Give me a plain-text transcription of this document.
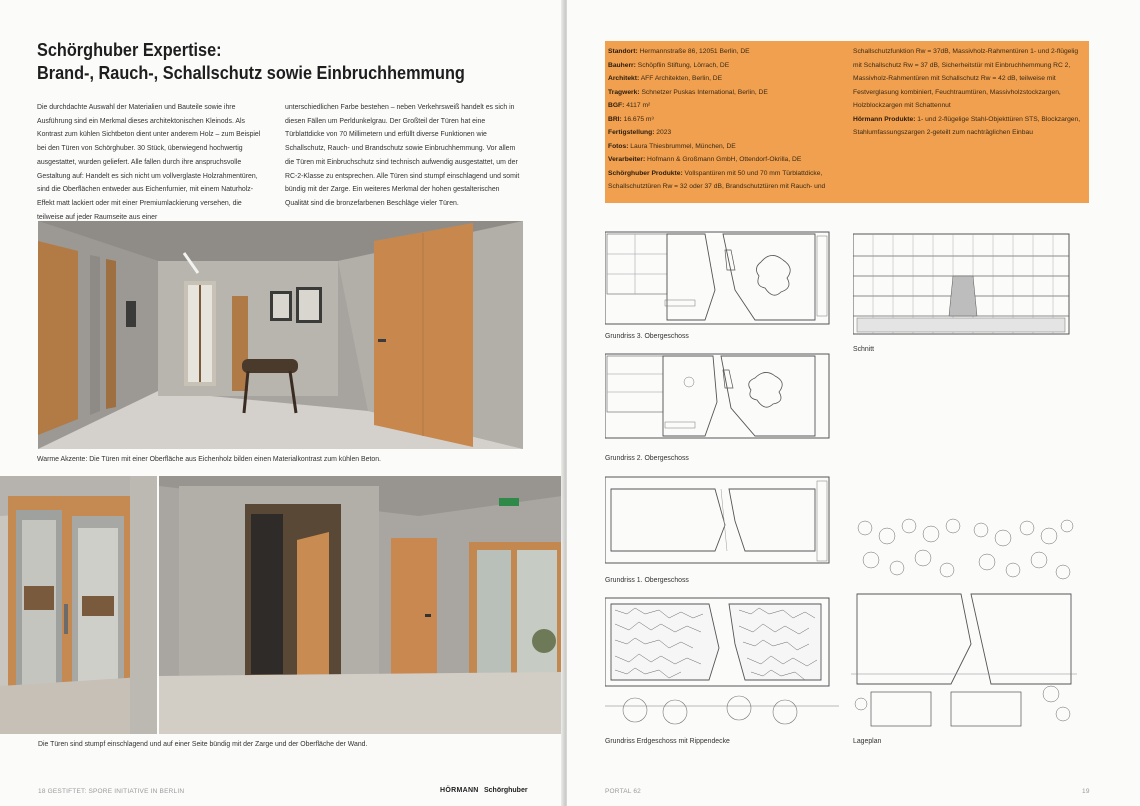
Schörghuber Expertise:
Brand-, Rauch-, Schallschutz sowie Einbruchhemmung

Die durchdachte Auswahl der Materialien und Bauteile sowie ihre Ausführung sind ein Merkmal dieses architektonischen Kleinods. Als Kontrast zum kühlen Sichtbeton dient unter anderem Holz – zum Beispiel bei den Türen von Schörghuber. 30 Stück, überwiegend hochwertig ausgestattet, wurden geliefert. Alle fallen durch ihre anspruchsvolle Gestaltung auf: Handelt es sich nicht um vollverglaste Holzrahmentüren, sind die Oberflächen entweder aus Eichenfurnier, mit einem Naturholz-Effekt matt lackiert oder mit einer Premiumlackierung versehen, die teilweise auf jeder Raumseite aus einer

unterschiedlichen Farbe bestehen – neben Verkehrsweiß handelt es sich in diesen Fällen um Perldunkelgrau. Der Großteil der Türen hat eine Türblattdicke von 70 Millimetern und erfüllt diverse Funktionen wie Schallschutz, Rauch- und Brandschutz sowie Einbruchhemmung. Vor allem die Türen mit Einbruchschutz sind technisch aufwendig ausgestattet, um der RC-2-Klasse zu entsprechen. Alle Türen sind stumpf einschlagend und somit bündig mit der Zarge. Ein weiteres Merkmal der hohen gestalterischen Qualität sind die bronzefarbenen Beschläge vieler Türen.

Warme Akzente: Die Türen mit einer Oberfläche aus Eichenholz bilden einen Materialkontrast zum kühlen Beton.
Die Türen sind stumpf einschlagend und auf einer Seite bündig mit der Zarge und der Oberfläche der Wand.
18 GESTIFTET: SPORE INITIATIVE IN BERLIN	HÖRMANN Schörghuber
Standort: Hermannstraße 86, 12051 Berlin, DE
Bauherr: Schöpflin Stiftung, Lörrach, DE
Architekt: AFF Architekten, Berlin, DE
Tragwerk: Schnetzer Puskas International, Berlin, DE
BGF: 4117 m²
BRI: 16.675 m³
Fertigstellung: 2023
Fotos: Laura Thiesbrummel, München, DE
Verarbeiter: Hofmann & Großmann GmbH, Ottendorf-Okrilla, DE
Schörghuber Produkte: Vollspantüren mit 50 und 70 mm Türblattdicke, Schallschutztüren Rw = 32 oder 37 dB, Brandschutztüren mit Rauch- und
Schallschutzfunktion Rw = 37dB, Massivholz-Rahmentüren 1- und 2-flügelig mit Schallschutz Rw = 37 dB, Sicherheitstür mit Einbruchhemmung RC 2, Massivholz-Rahmentüren mit Schallschutz Rw = 42 dB, teilweise mit Festverglasung kombiniert, Feuchtraumtüren, Massivholzstockzargen, Holzblockzargen mit Schattennut
Hörmann Produkte: 1- und 2-flügelige Stahl-Objekttüren STS, Blockzargen, Stahlumfassungszargen 2-geteilt zum nachträglichen Einbau
Grundriss 3. Obergeschoss
Grundriss 2. Obergeschoss
Grundriss 1. Obergeschoss
Grundriss Erdgeschoss mit Rippendecke
Schnitt
Lageplan
PORTAL 62	19
